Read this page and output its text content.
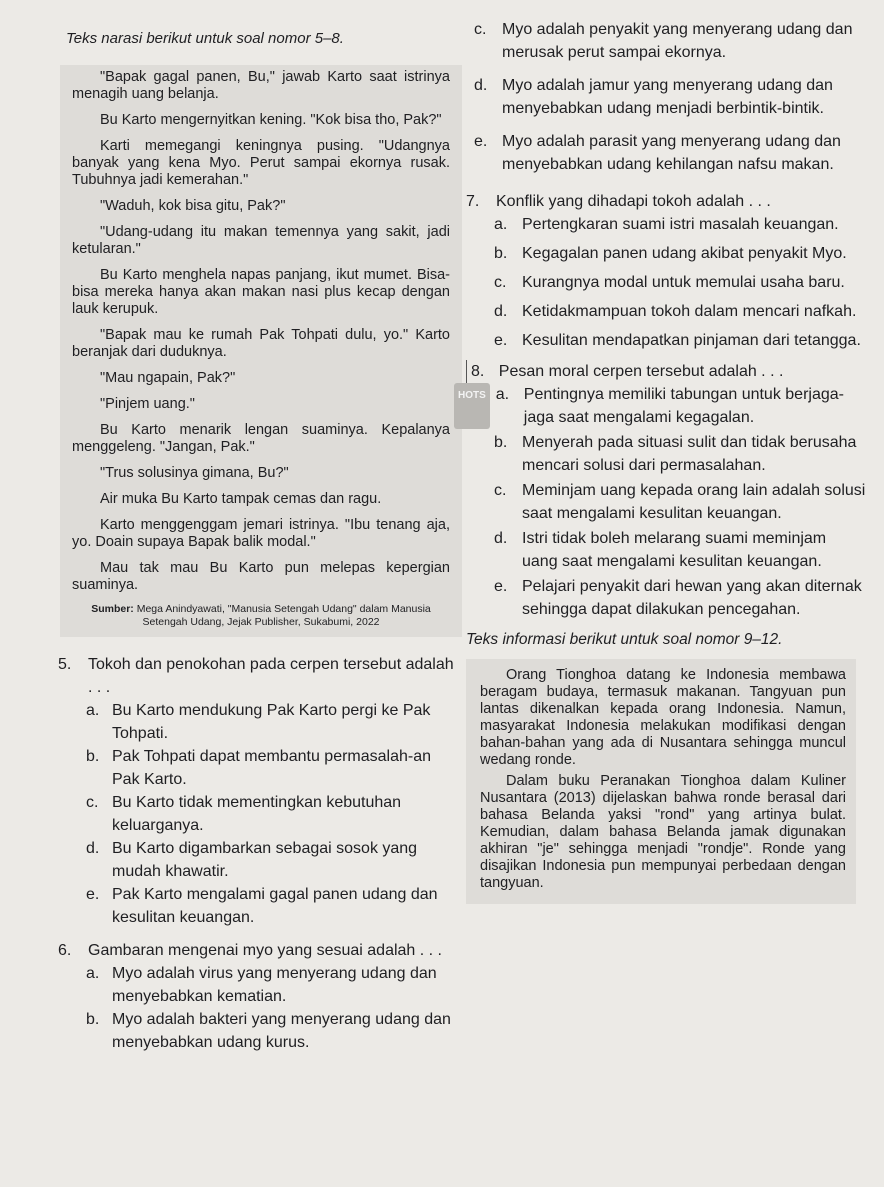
Teks narasi berikut untuk soal nomor 5–8.

"Bapak gagal panen, Bu," jawab Karto saat istrinya menagih uang belanja.

Bu Karto mengernyitkan kening. "Kok bisa tho, Pak?"

Karti memegangi keningnya pusing. "Udangnya banyak yang kena Myo. Perut sampai ekornya rusak. Tubuhnya jadi kemerahan."

"Waduh, kok bisa gitu, Pak?"

"Udang-udang itu makan temennya yang sakit, jadi ketularan."

Bu Karto menghela napas panjang, ikut mumet. Bisa-bisa mereka hanya akan makan nasi plus kecap dengan lauk kerupuk.

"Bapak mau ke rumah Pak Tohpati dulu, yo." Karto beranjak dari duduknya.

"Mau ngapain, Pak?"

"Pinjem uang."

Bu Karto menarik lengan suaminya. Kepalanya menggeleng. "Jangan, Pak."

"Trus solusinya gimana, Bu?"

Air muka Bu Karto tampak cemas dan ragu.

Karto menggenggam jemari istrinya. "Ibu tenang aja, yo. Doain supaya Bapak balik modal."

Mau tak mau Bu Karto pun melepas kepergian suaminya.

Sumber: Mega Anindyawati, "Manusia Setengah Udang" dalam Manusia Setengah Udang, Jejak Publisher, Sukabumi, 2022
5.	Tokoh dan penokohan pada cerpen tersebut adalah . . .
a. Bu Karto mendukung Pak Karto pergi ke Pak Tohpati.
b. Pak Tohpati dapat membantu permasalah-an Pak Karto.
c. Bu Karto tidak mementingkan kebutuhan keluarganya.
d. Bu Karto digambarkan sebagai sosok yang mudah khawatir.
e. Pak Karto mengalami gagal panen udang dan kesulitan keuangan.
6.	Gambaran mengenai myo yang sesuai adalah . . .
a. Myo adalah virus yang menyerang udang dan menyebabkan kematian.
b. Myo adalah bakteri yang menyerang udang dan menyebabkan udang kurus.
c. Myo adalah penyakit yang menyerang udang dan merusak perut sampai ekornya.
d. Myo adalah jamur yang menyerang udang dan menyebabkan udang menjadi berbintik-bintik.
e. Myo adalah parasit yang menyerang udang dan menyebabkan udang kehilangan nafsu makan.
7.	Konflik yang dihadapi tokoh adalah . . .
a. Pertengkaran suami istri masalah keuangan.
b. Kegagalan panen udang akibat penyakit Myo.
c. Kurangnya modal untuk memulai usaha baru.
d. Ketidakmampuan tokoh dalam mencari nafkah.
e. Kesulitan mendapatkan pinjaman dari tetangga.
8. Pesan moral cerpen tersebut adalah . . .
HOTS a. Pentingnya memiliki tabungan untuk berjaga-jaga saat mengalami kegagalan.
b. Menyerah pada situasi sulit dan tidak berusaha mencari solusi dari permasalahan.
c. Meminjam uang kepada orang lain adalah solusi saat mengalami kesulitan keuangan.
d. Istri tidak boleh melarang suami meminjam uang saat mengalami kesulitan keuangan.
e. Pelajari penyakit dari hewan yang akan diternak sehingga dapat dilakukan pencegahan.
Teks informasi berikut untuk soal nomor 9–12.

Orang Tionghoa datang ke Indonesia membawa beragam budaya, termasuk makanan. Tangyuan pun lantas dikenalkan kepada orang Indonesia. Namun, masyarakat Indonesia melakukan modifikasi dengan bahan-bahan yang ada di Nusantara sehingga muncul wedang ronde.

Dalam buku Peranakan Tionghoa dalam Kuliner Nusantara (2013) dijelaskan bahwa ronde berasal dari bahasa Belanda yaksi "rond" yang artinya bulat. Kemudian, dalam bahasa Belanda jamak digunakan akhiran "je" sehingga menjadi "rondje". Ronde yang disajikan Indonesia pun mempunyai perbedaan dengan tangyuan.
